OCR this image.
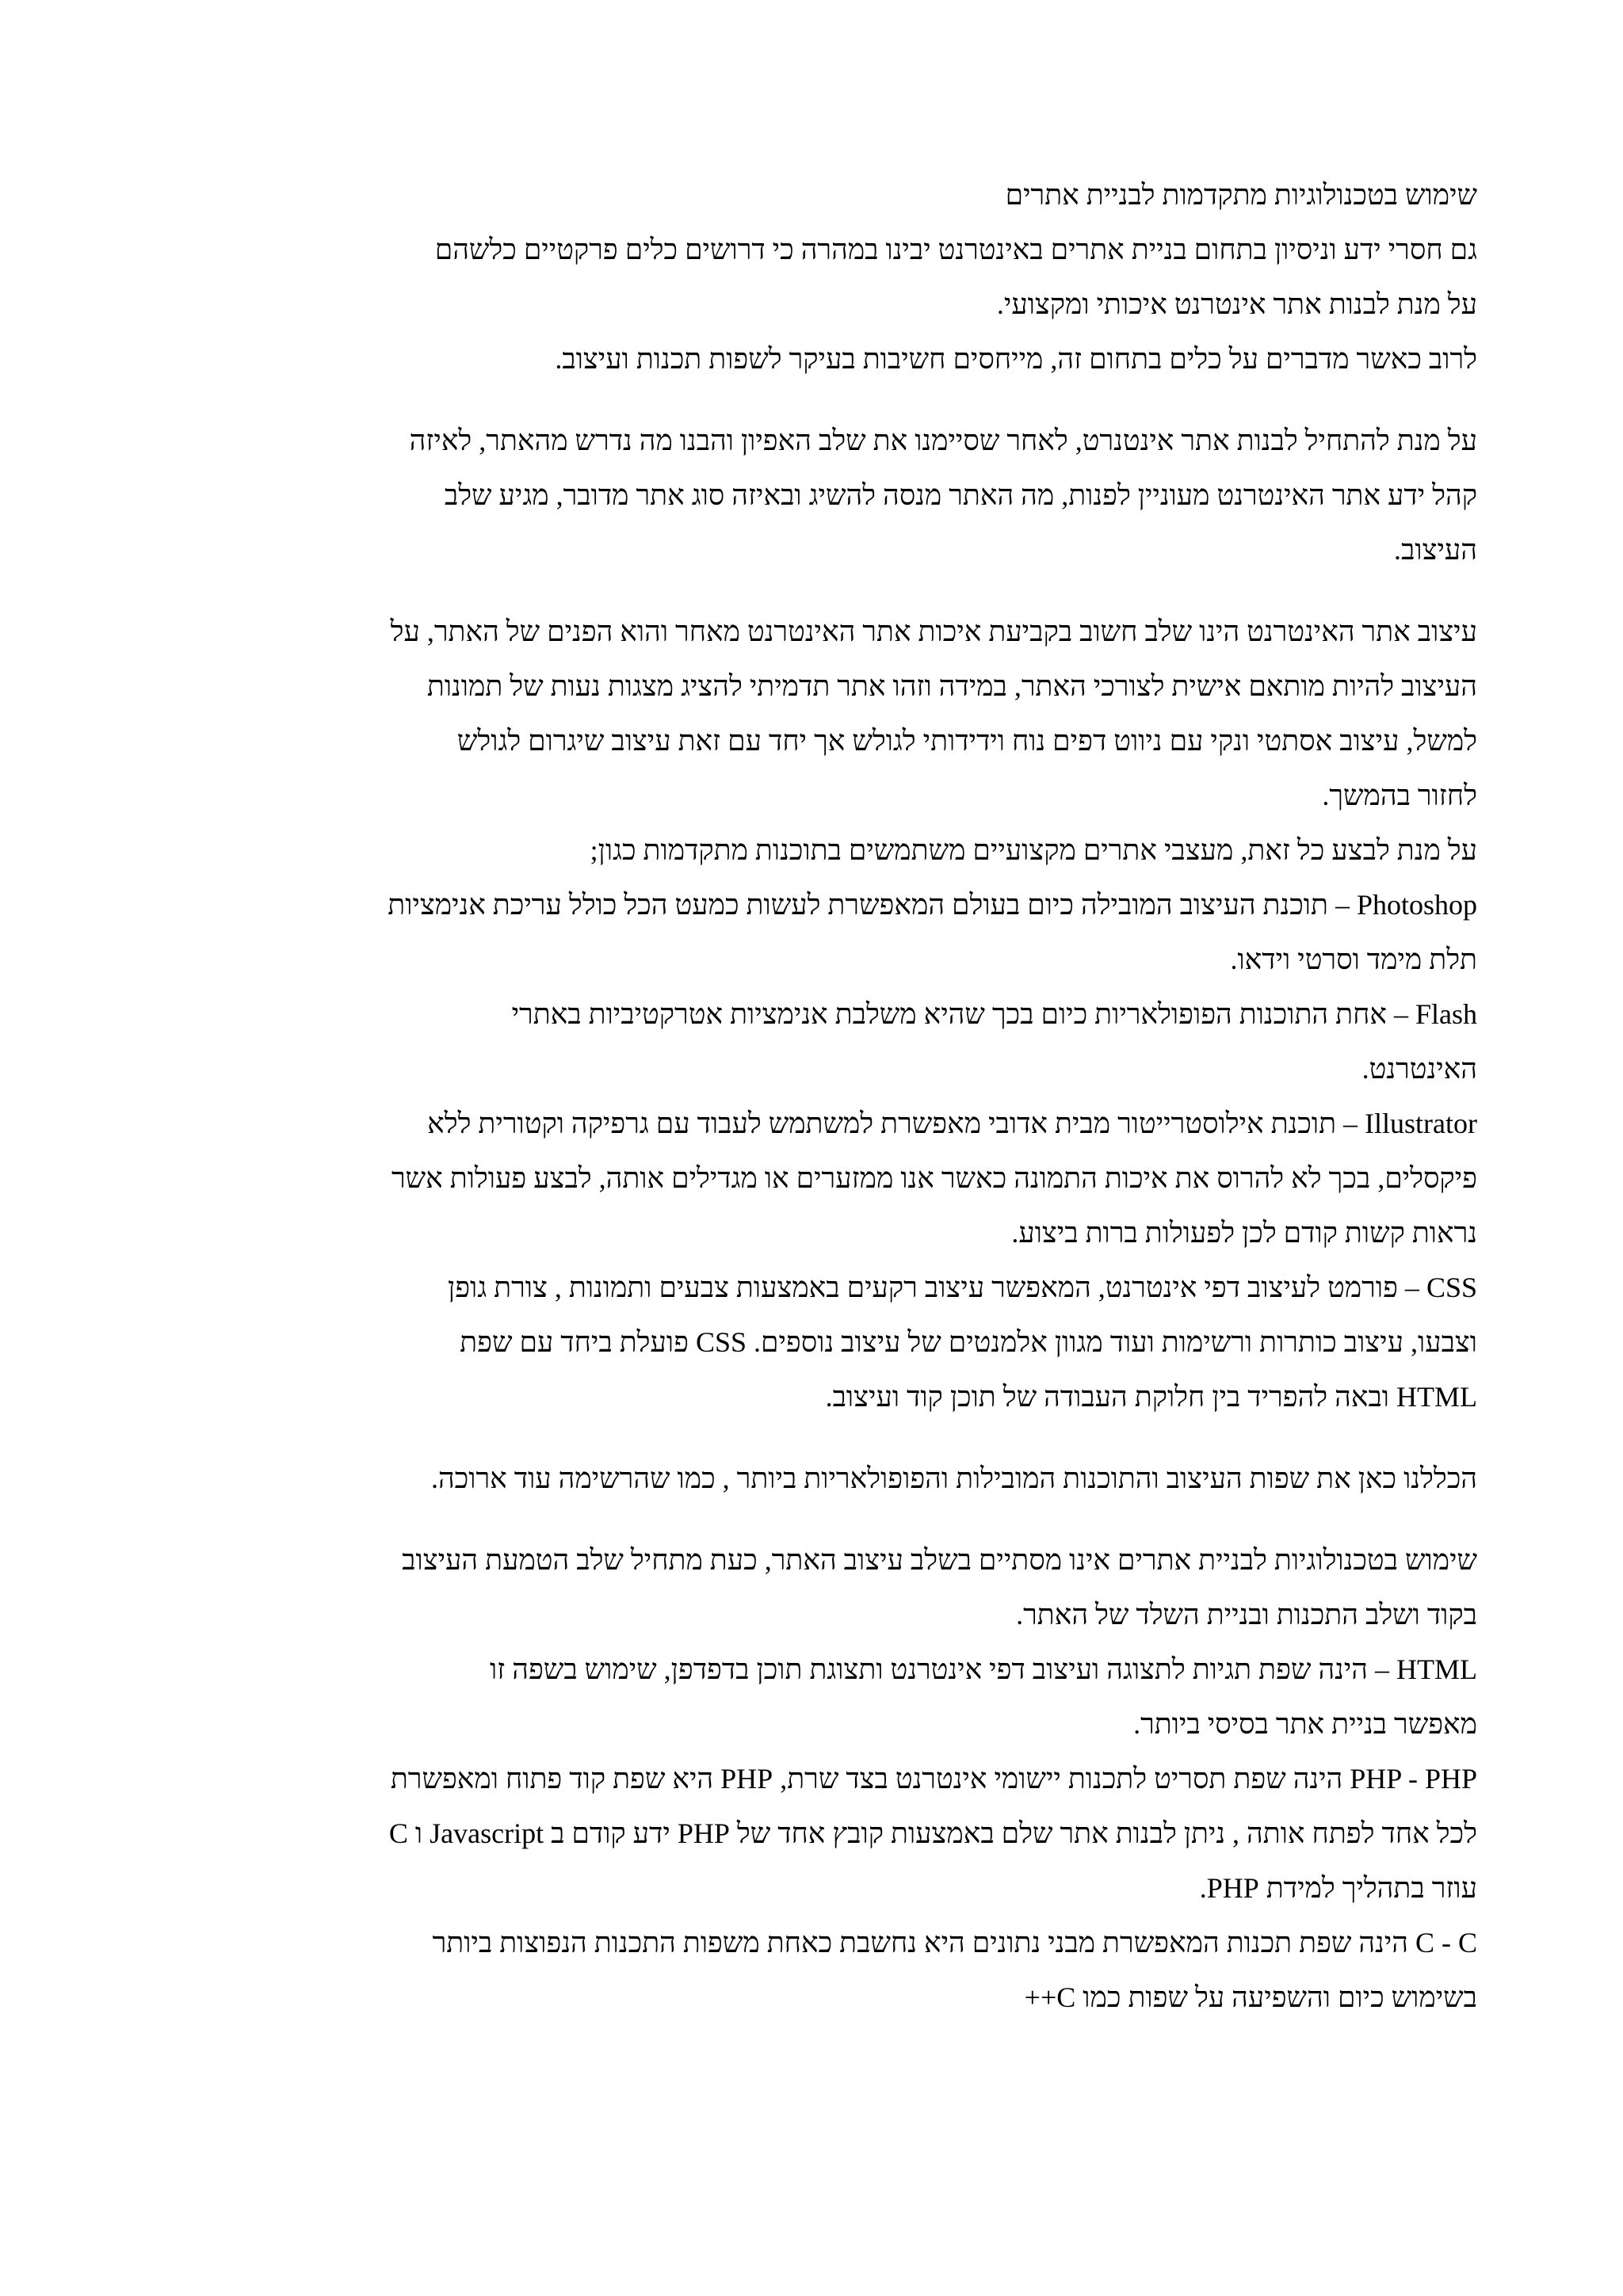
שימוש בטכנולוגיות מתקדמות לבניית אתרים

גם חסרי ידע וניסיון בתחום בניית אתרים באינטרנט יבינו במהרה כי דרושים כלים פרקטיים כלשהם

על מנת לבנות אתר אינטרנט איכותי ומקצועי.

לרוב כאשר מדברים על כלים בתחום זה, מייחסים חשיבות בעיקר לשפות תכנות ועיצוב.

על מנת להתחיל לבנות אתר אינטנרט, לאחר שסיימנו את שלב האפיון והבנו מה נדרש מהאתר, לאיזה

קהל ידע אתר האינטרנט מעוניין לפנות, מה האתר מנסה להשיג ובאיזה סוג אתר מדובר, מגיע שלב

העיצוב.

עיצוב אתר האינטרנט הינו שלב חשוב בקביעת איכות אתר האינטרנט מאחר והוא הפנים של האתר, על

העיצוב להיות מותאם אישית לצורכי האתר, במידה וזהו אתר תדמיתי להציג מצגות נעות של תמונות

למשל, עיצוב אסתטי ונקי עם ניווט דפים נוח וידידותי לגולש אך יחד עם זאת עיצוב שיגרום לגולש

לחזור בהמשך.

על מנת לבצע כל זאת, מעצבי אתרים מקצועיים משתמשים בתוכנות מתקדמות כגון;

Photoshop – תוכנת העיצוב המובילה כיום בעולם המאפשרת לעשות כמעט הכל כולל עריכת אנימציות

תלת מימד וסרטי וידאו.

Flash – אחת התוכנות הפופולאריות כיום בכך שהיא משלבת אנימציות אטרקטיביות באתרי

האינטרנט.

Illustrator – תוכנת אילוסטרייטור מבית אדובי מאפשרת למשתמש לעבוד עם גרפיקה וקטורית ללא

פיקסלים, בכך לא להרוס את איכות התמונה כאשר אנו ממזערים או מגדילים אותה, לבצע פעולות אשר

נראות קשות קודם לכן לפעולות ברות ביצוע.

CSS – פורמט לעיצוב דפי אינטרנט, המאפשר עיצוב רקעים באמצעות צבעים ותמונות , צורת גופן

וצבעו, עיצוב כותרות ורשימות ועוד מגוון אלמנטים של עיצוב נוספים. CSS פועלת ביחד עם שפת

HTML ובאה להפריד בין חלוקת העבודה של תוכן קוד ועיצוב.

הכללנו כאן את שפות העיצוב והתוכנות המובילות והפופולאריות ביותר , כמו שהרשימה עוד ארוכה.

שימוש בטכנולוגיות לבניית אתרים אינו מסתיים בשלב עיצוב האתר, כעת מתחיל שלב הטמעת העיצוב

בקוד ושלב התכנות ובניית השלד של האתר.

HTML – הינה שפת תגיות לתצוגה ועיצוב דפי אינטרנט ותצוגת תוכן בדפדפן, שימוש בשפה זו

מאפשר בניית אתר בסיסי ביותר.

PHP - PHP הינה שפת תסריט לתכנות יישומי אינטרנט בצד שרת, PHP היא שפת קוד פתוח ומאפשרת

לכל אחד לפתח אותה , ניתן לבנות אתר שלם באמצעות קובץ אחד של PHP ידע קודם ב Javascript ו C

עוזר בתהליך למידת PHP.

C - C הינה שפת תכנות המאפשרת מבני נתונים היא נחשבת כאחת משפות התכנות הנפוצות ביותר

בשימוש כיום והשפיעה על שפות כמו C++
